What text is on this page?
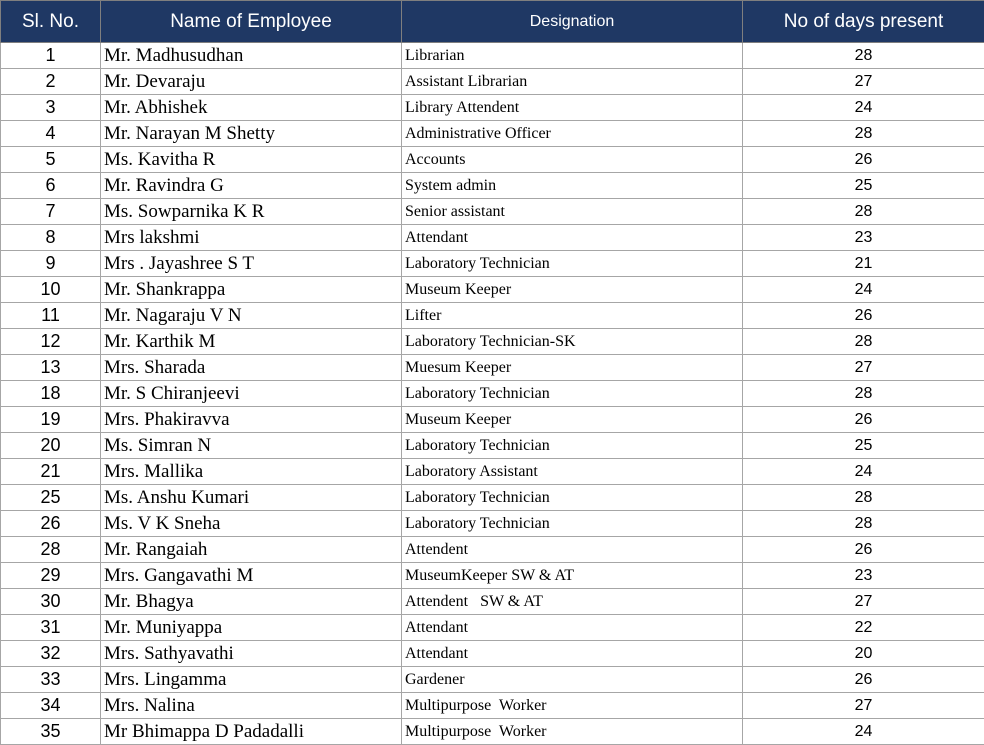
Sl. No.	Name of Employee	Designation	No of days present
1	Mr. Madhusudhan	Librarian	28
2	Mr. Devaraju	Assistant Librarian	27
3	Mr. Abhishek	Library Attendent	24
4	Mr. Narayan M Shetty	Administrative Officer	28
5	Ms. Kavitha R	Accounts	26
6	Mr. Ravindra G	System admin	25
7	Ms. Sowparnika K R	Senior assistant	28
8	Mrs lakshmi	Attendant	23
9	Mrs . Jayashree S T	Laboratory Technician	21
10	Mr. Shankrappa	Museum Keeper	24
11	Mr. Nagaraju V N	Lifter	26
12	Mr. Karthik M	Laboratory Technician-SK	28
13	Mrs. Sharada	Muesum Keeper	27
18	Mr. S Chiranjeevi	Laboratory Technician	28
19	Mrs. Phakiravva	Museum Keeper	26
20	Ms. Simran N	Laboratory Technician	25
21	Mrs. Mallika	Laboratory Assistant	24
25	Ms. Anshu Kumari	Laboratory Technician	28
26	Ms. V K Sneha	Laboratory Technician	28
28	Mr. Rangaiah	Attendent	26
29	Mrs. Gangavathi M	MuseumKeeper SW & AT	23
30	Mr. Bhagya	Attendent   SW & AT	27
31	Mr. Muniyappa	Attendant	22
32	Mrs. Sathyavathi	Attendant	20
33	Mrs. Lingamma	Gardener	26
34	Mrs. Nalina	Multipurpose  Worker	27
35	Mr Bhimappa D Padadalli	Multipurpose  Worker	24
